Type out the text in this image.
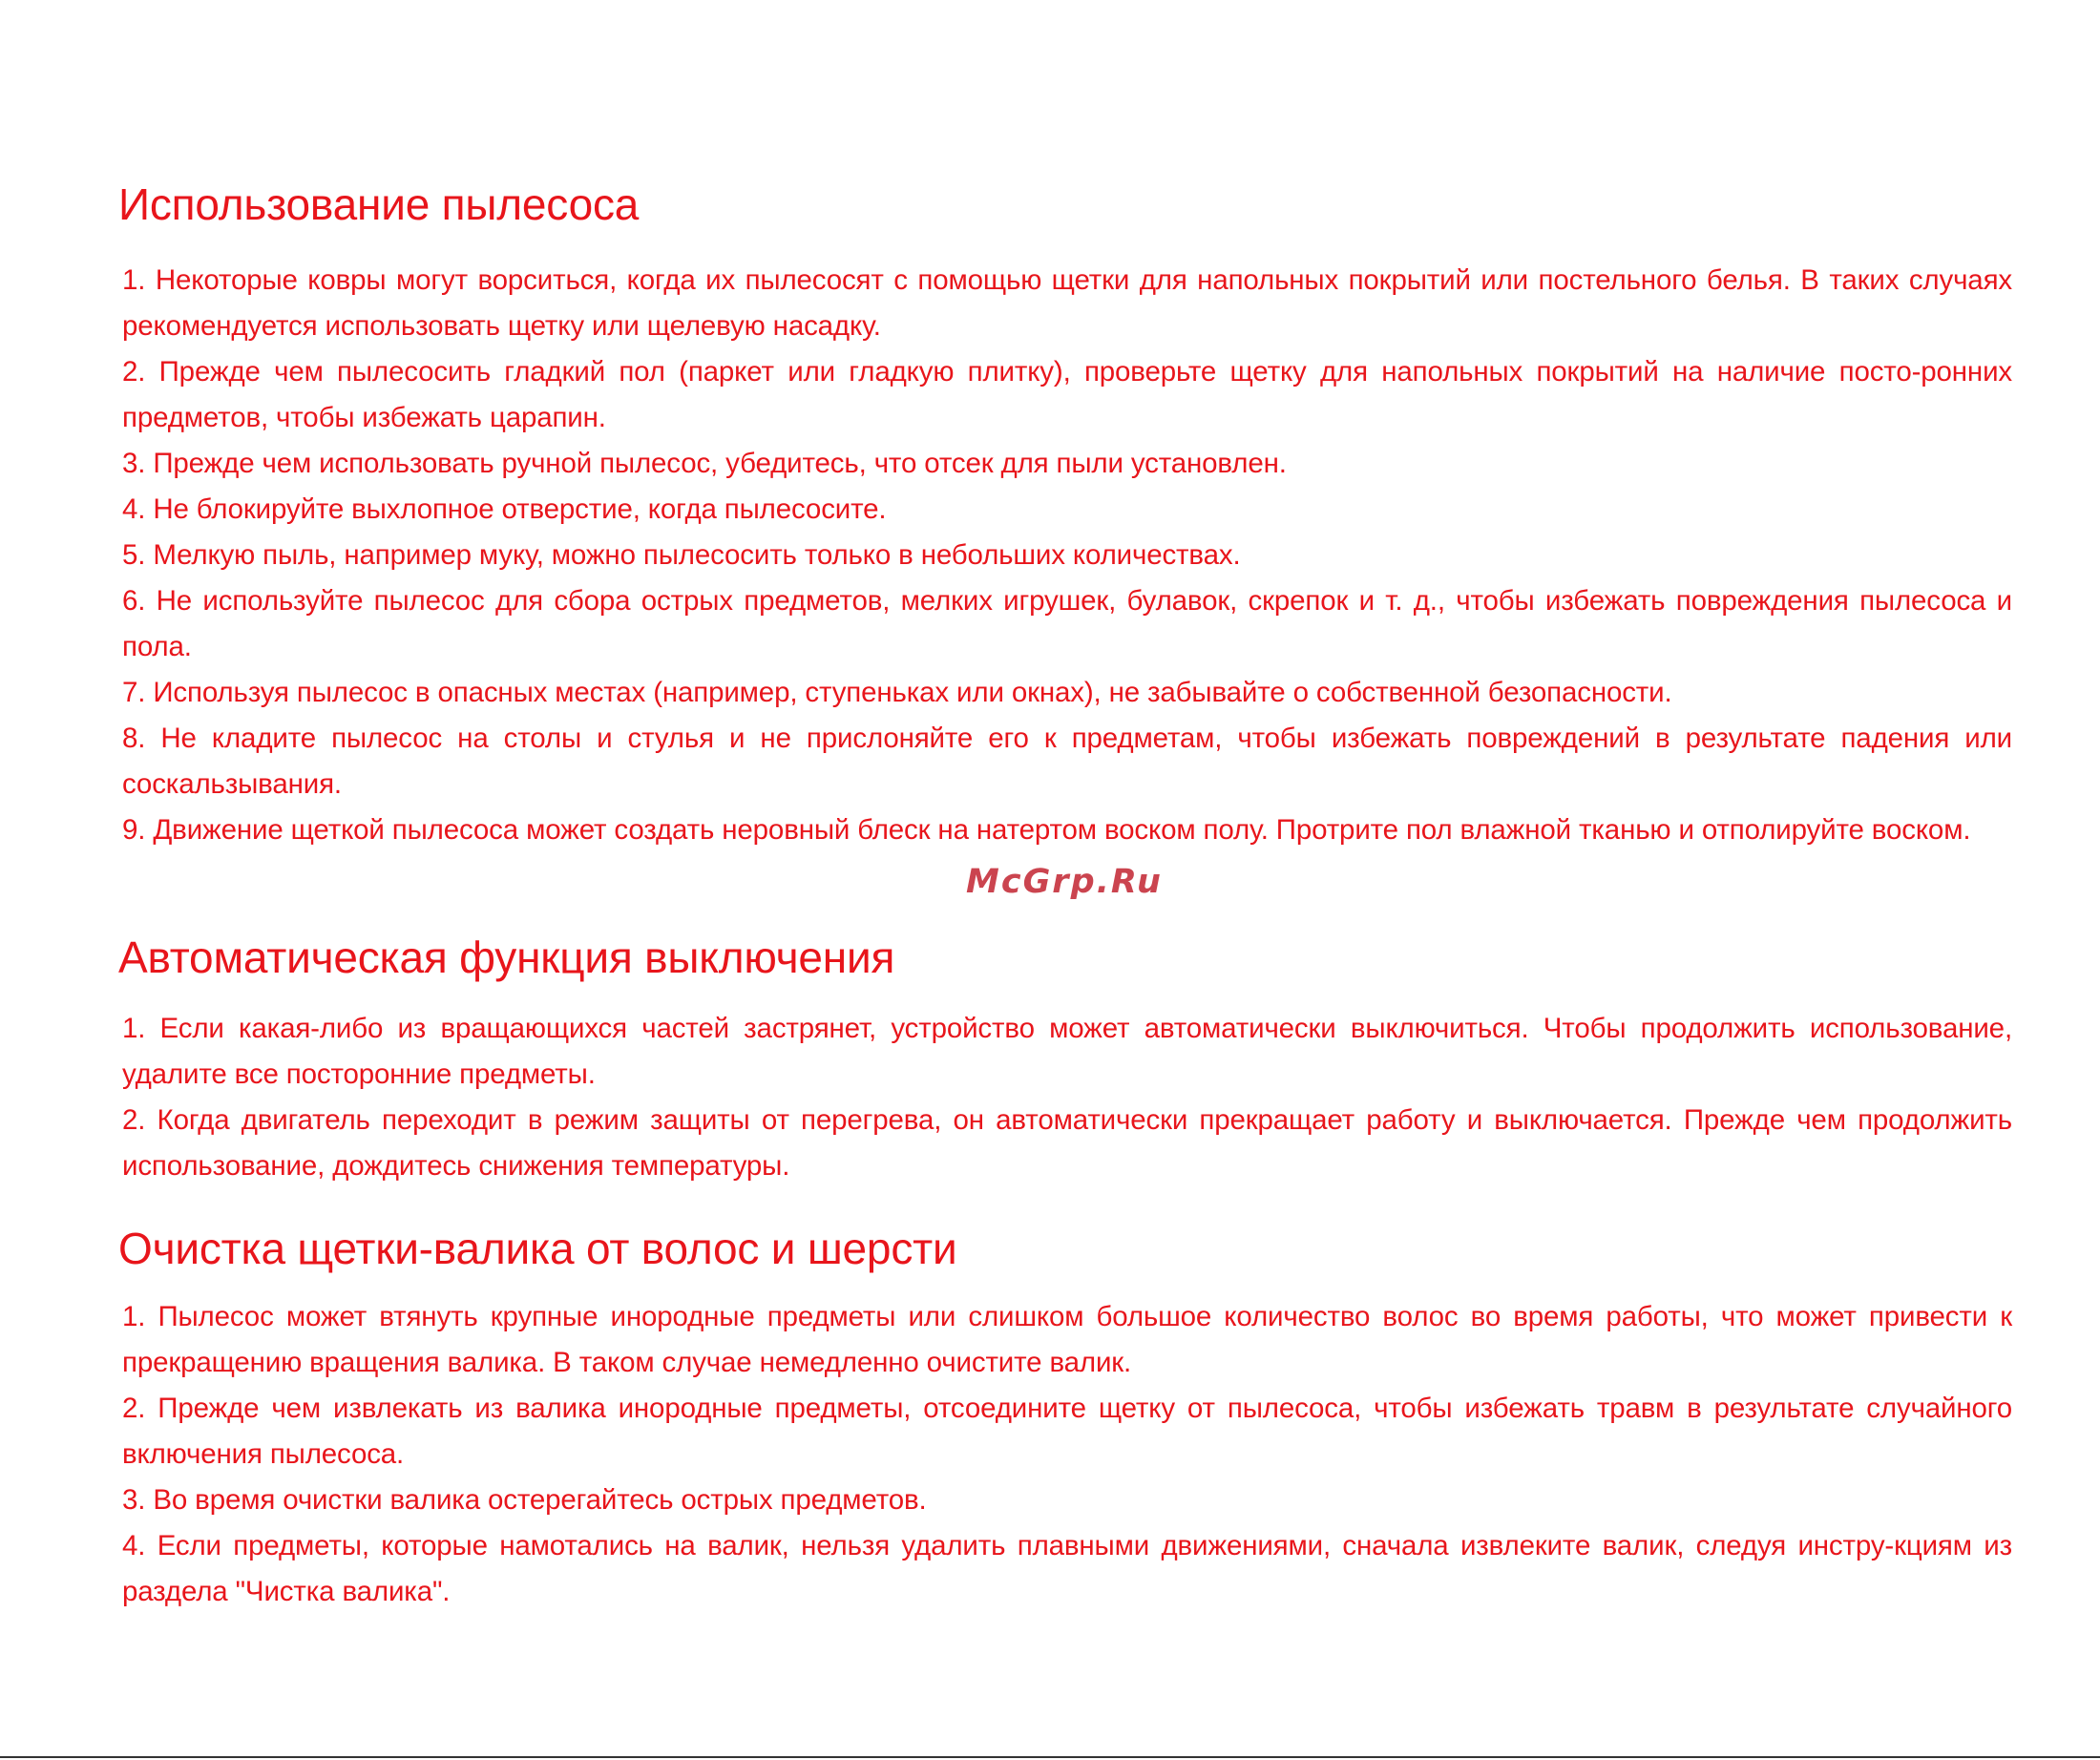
Использование пылесоса
1. Некоторые ковры могут ворситься, когда их пылесосят с помощью щетки для напольных покрытий или постельного белья. В таких случаях рекомендуется использовать щетку или щелевую насадку.
2. Прежде чем пылесосить гладкий пол (паркет или гладкую плитку), проверьте щетку для напольных покрытий на наличие посто-ронних предметов, чтобы избежать царапин.
3. Прежде чем использовать ручной пылесос, убедитесь, что отсек для пыли установлен.
4. Не блокируйте выхлопное отверстие, когда пылесосите.
5. Мелкую пыль, например муку, можно пылесосить только в небольших количествах.
6. Не используйте пылесос для сбора острых предметов, мелких игрушек, булавок, скрепок и т. д., чтобы избежать повреждения пылесоса и пола.
7. Используя пылесос в опасных местах (например, ступеньках или окнах), не забывайте о собственной безопасности.
8. Не кладите пылесос на столы и стулья и не прислоняйте его к предметам, чтобы избежать повреждений в результате падения или соскальзывания.
9. Движение щеткой пылесоса может создать неровный блеск на натертом воском полу. Протрите пол влажной тканью и отполируйте воском.
McGrp.Ru
Автоматическая функция выключения
1. Если какая-либо из вращающихся частей застрянет, устройство может автоматически выключиться. Чтобы продолжить использование, удалите все посторонние предметы.
2. Когда двигатель переходит в режим защиты от перегрева, он автоматически прекращает работу и выключается. Прежде чем продолжить использование, дождитесь снижения температуры.
Очистка щетки-валика от волос и шерсти
1. Пылесос может втянуть крупные инородные предметы или слишком большое количество волос во время работы, что может привести к прекращению вращения валика. В таком случае немедленно очистите валик.
2. Прежде чем извлекать из валика инородные предметы, отсоедините щетку от пылесоса, чтобы избежать травм в результате случайного включения пылесоса.
3. Во время очистки валика остерегайтесь острых предметов.
4. Если предметы, которые намотались на валик, нельзя удалить плавными движениями, сначала извлеките валик, следуя инстру-кциям из раздела "Чистка валика".
